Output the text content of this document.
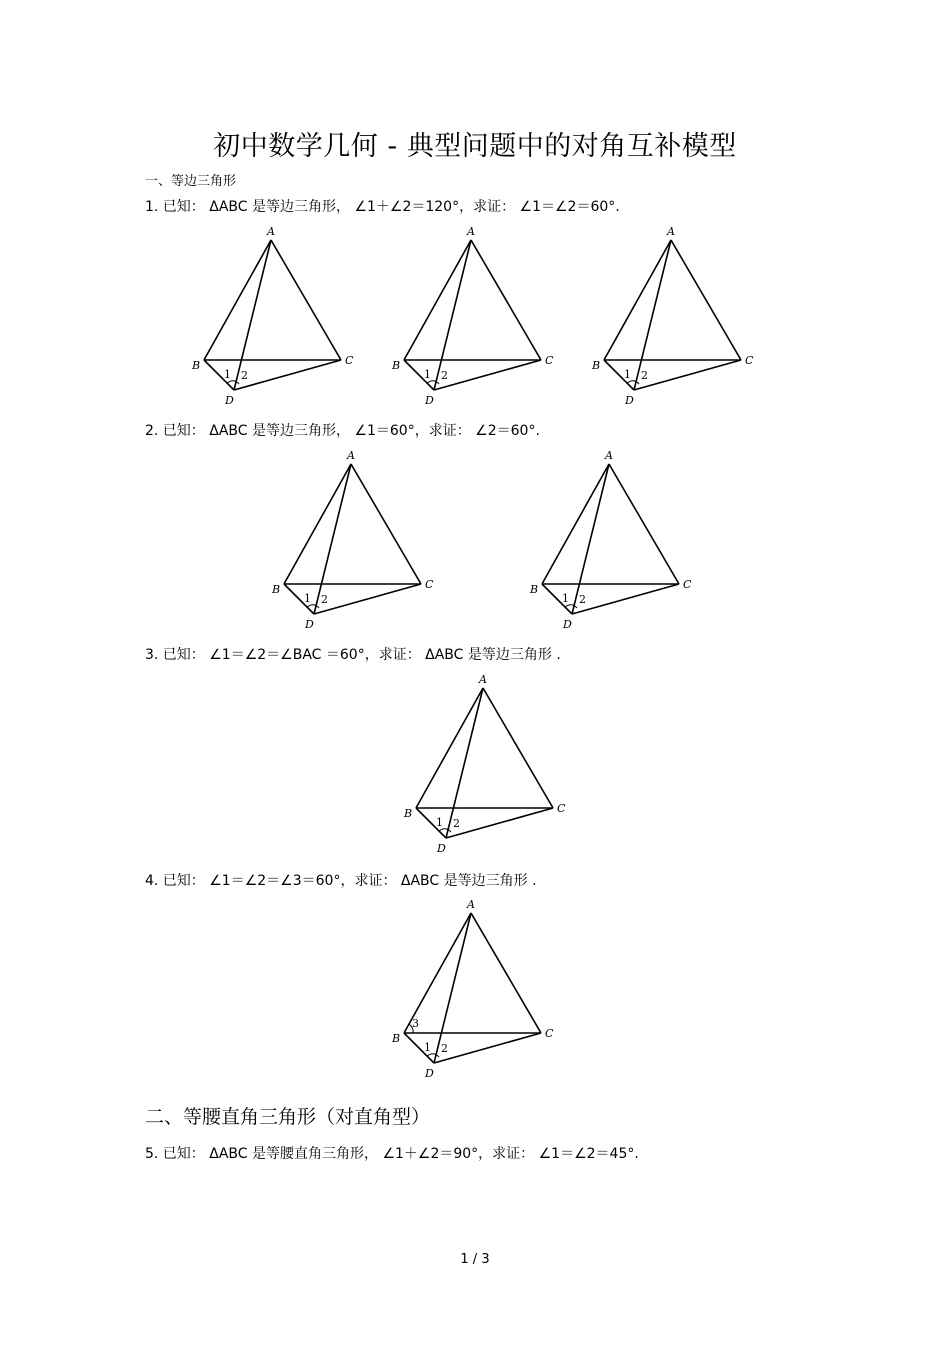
初中数学几何 - 典型问题中的对角互补模型
一、等边三角形
1. 已知： ΔABC 是等边三角形， ∠1＋∠2＝120°，求证： ∠1＝∠2＝60°.
2. 已知： ΔABC 是等边三角形， ∠1＝60°，求证： ∠2＝60°.
3. 已知： ∠1＝∠2＝∠BAC ＝60°，求证： ΔABC 是等边三角形 .
4. 已知： ∠1＝∠2＝∠3＝60°，求证： ΔABC 是等边三角形 .
二、等腰直角三角形（对直角型）
5. 已知： ΔABC 是等腰直角三角形， ∠1＋∠2＝90°，求证： ∠1＝∠2＝45°.
1 / 3
A
B	C
D
1 2
A
B	C
D
1 2
A
B	C
D
1 2
A
B	C
D
1 2
A
B	C
D
1 2
A
B	C
D
1 2
A
B	C
D
1 2
3
